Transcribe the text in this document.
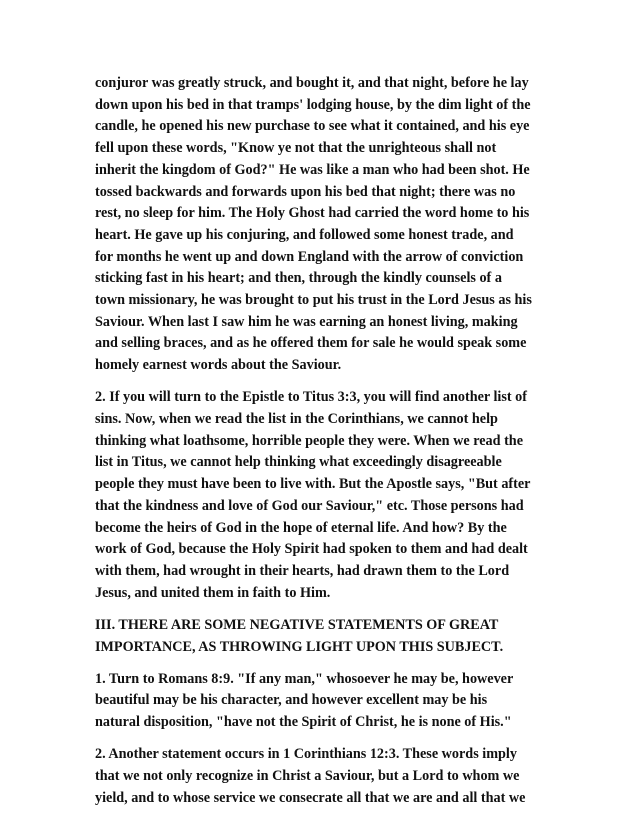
conjuror was greatly struck, and bought it, and that night, before he lay
down upon his bed in that tramps' lodging house, by the dim light of the
candle, he opened his new purchase to see what it contained, and his eye
fell upon these words, "Know ye not that the unrighteous shall not
inherit the kingdom of God?" He was like a man who had been shot. He
tossed backwards and forwards upon his bed that night; there was no
rest, no sleep for him. The Holy Ghost had carried the word home to his
heart. He gave up his conjuring, and followed some honest trade, and
for months he went up and down England with the arrow of conviction
sticking fast in his heart; and then, through the kindly counsels of a
town missionary, he was brought to put his trust in the Lord Jesus as his
Saviour. When last I saw him he was earning an honest living, making
and selling braces, and as he offered them for sale he would speak some
homely earnest words about the Saviour.

2. If you will turn to the Epistle to Titus 3:3, you will find another list of
sins. Now, when we read the list in the Corinthians, we cannot help
thinking what loathsome, horrible people they were. When we read the
list in Titus, we cannot help thinking what exceedingly disagreeable
people they must have been to live with. But the Apostle says, "But after
that the kindness and love of God our Saviour," etc. Those persons had
become the heirs of God in the hope of eternal life. And how? By the
work of God, because the Holy Spirit had spoken to them and had dealt
with them, had wrought in their hearts, had drawn them to the Lord
Jesus, and united them in faith to Him.

III. THERE ARE SOME NEGATIVE STATEMENTS OF GREAT
IMPORTANCE, AS THROWING LIGHT UPON THIS SUBJECT.

1. Turn to Romans 8:9. "If any man," whosoever he may be, however
beautiful may be his character, and however excellent may be his
natural disposition, "have not the Spirit of Christ, he is none of His."

2. Another statement occurs in 1 Corinthians 12:3. These words imply
that we not only recognize in Christ a Saviour, but a Lord to whom we
yield, and to whose service we consecrate all that we are and all that we
